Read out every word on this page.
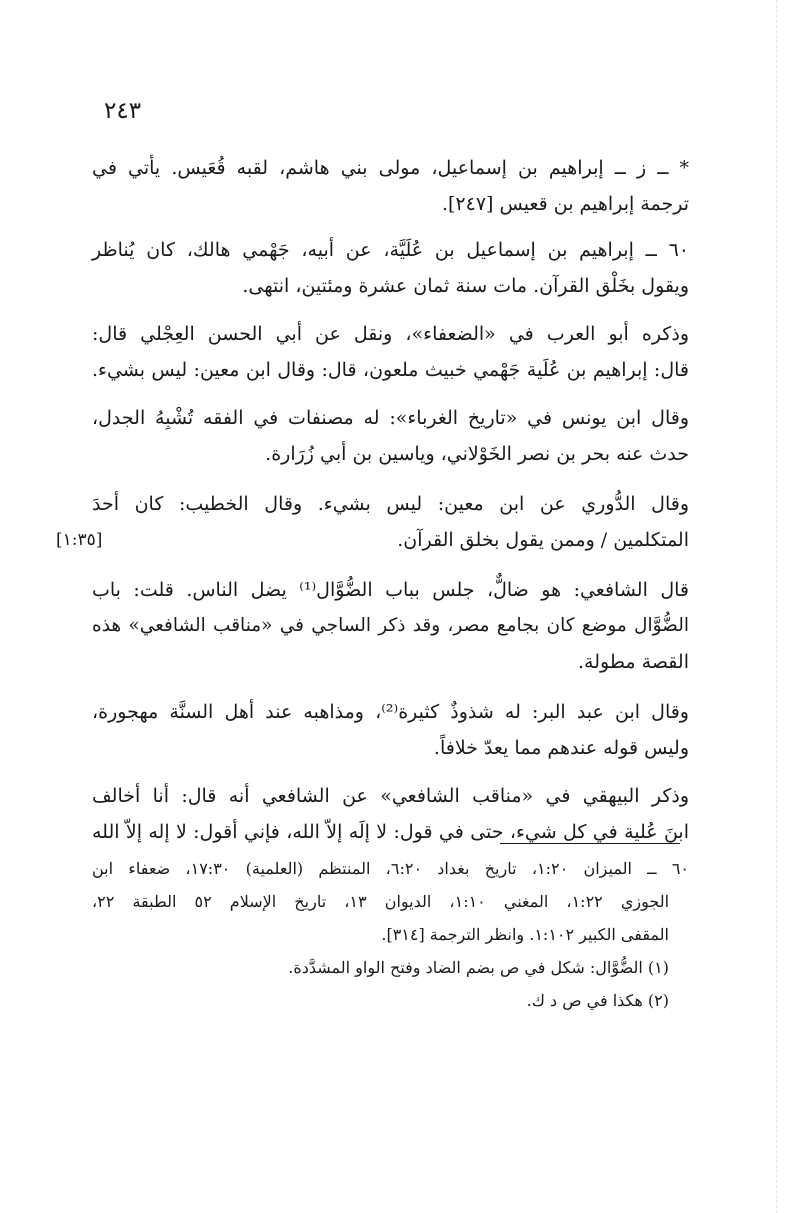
٢٤٣
* ــ ز ــ إبراهيم بن إسماعيل، مولى بني هاشم، لقبه قُعَيس. يأتي في
ترجمة إبراهيم بن قعيس [٢٤٧].
٦٠ ــ إبراهيم بن إسماعيل بن عُلَيَّة، عن أبيه، جَهْمي هالك، كان يُناظر
ويقول بخَلْق القرآن. مات سنة ثمان عشرة ومئتين، انتهى.
وذكره أبو العرب في «الضعفاء»، ونقل عن أبي الحسن العِجْلي قال:
قال: إبراهيم بن عُلَية جَهْمي خبيث ملعون، قال: وقال ابن معين: ليس بشيء.
وقال ابن يونس في «تاريخ الغرباء»: له مصنفات في الفقه تُشْبِهُ الجدل،
حدث عنه بحر بن نصر الخَوْلاني، وياسين بن أبي زُرَارة.
وقال الدُّوري عن ابن معين: ليس بشيء. وقال الخطيب: كان أحدَ
المتكلمين / وممن يقول بخلق القرآن.
[١:٣٥]
قال الشافعي: هو ضالٌّ، جلس بباب الضُّوَّال⁽¹⁾ يضل الناس. قلت: باب
الضُّوَّال موضع كان بجامع مصر، وقد ذكر الساجي في «مناقب الشافعي» هذه
القصة مطولة.
وقال ابن عبد البر: له شذوذٌ كثيرة⁽²⁾، ومذاهبه عند أهل السنَّة مهجورة،
وليس قوله عندهم مما يعدّ خلافاً.
وذكر البيهقي في «مناقب الشافعي» عن الشافعي أنه قال: أنا أخالف
ابنَ عُلية في كل شيء، حتى في قول: لا إلَه إلاّ الله، فإني أقول: لا إله إلاّ الله
٦٠ ــ الميزان ١:٢٠، تاريخ بغداد ٦:٢٠، المنتظم (العلمية) ١٧:٣٠، ضعفاء ابن
الجوزي ١:٢٢، المغني ١:١٠، الديوان ١٣، تاريخ الإسلام ٥٢ الطبقة ٢٢،
المقفى الكبير ١:١٠٢. وانظر الترجمة [٣١٤].
(١) الضُّوَّال: شكل في ص بضم الضاد وفتح الواو المشدَّدة.
(٢) هكذا في ص د ك.
